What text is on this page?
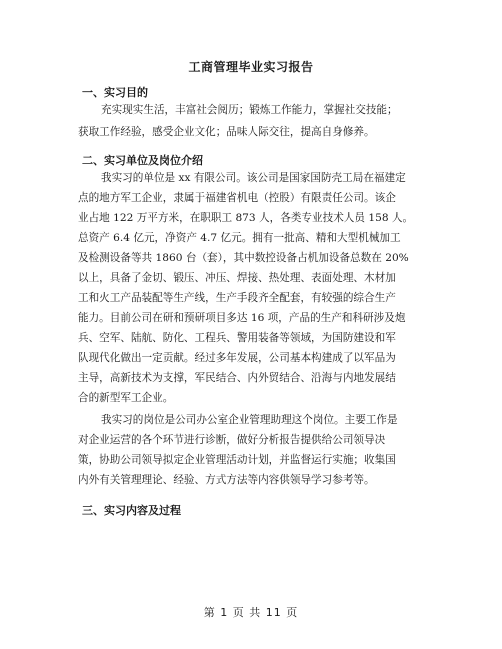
工商管理毕业实习报告
一、实习目的
充实现实生活，丰富社会阅历；锻炼工作能力，掌握社交技能；
获取工作经验，感受企业文化；品味人际交往，提高自身修养。
二、实习单位及岗位介绍
我实习的单位是 xx 有限公司。该公司是国家国防壳工局在福建定
点的地方军工企业，隶属于福建省机电（控股）有限责任公司。该企
业占地 122 万平方米，在职职工 873 人，各类专业技术人员 158 人。
总资产 6.4 亿元，净资产 4.7 亿元。拥有一批高、精和大型机械加工
及检测设备等共 1860 台（套），其中数控设备占机加设备总数在 20%
以上，具备了金切、锻压、冲压、焊接、热处理、表面处理、木材加
工和火工产品装配等生产线，生产手段齐全配套，有较强的综合生产
能力。目前公司在研和预研项目多达 16 项，产品的生产和科研涉及炮
兵、空军、陆航、防化、工程兵、警用装备等领域，为国防建设和军
队现代化做出一定贡献。经过多年发展，公司基本构建成了以军品为
主导，高新技术为支撑，军民结合、内外贸结合、沿海与内地发展结
合的新型军工企业。
我实习的岗位是公司办公室企业管理助理这个岗位。主要工作是
对企业运营的各个环节进行诊断，做好分析报告提供给公司领导决
策，协助公司领导拟定企业管理活动计划，并监督运行实施；收集国
内外有关管理理论、经验、方式方法等内容供领导学习参考等。
三、实习内容及过程
第 1 页 共 11 页
